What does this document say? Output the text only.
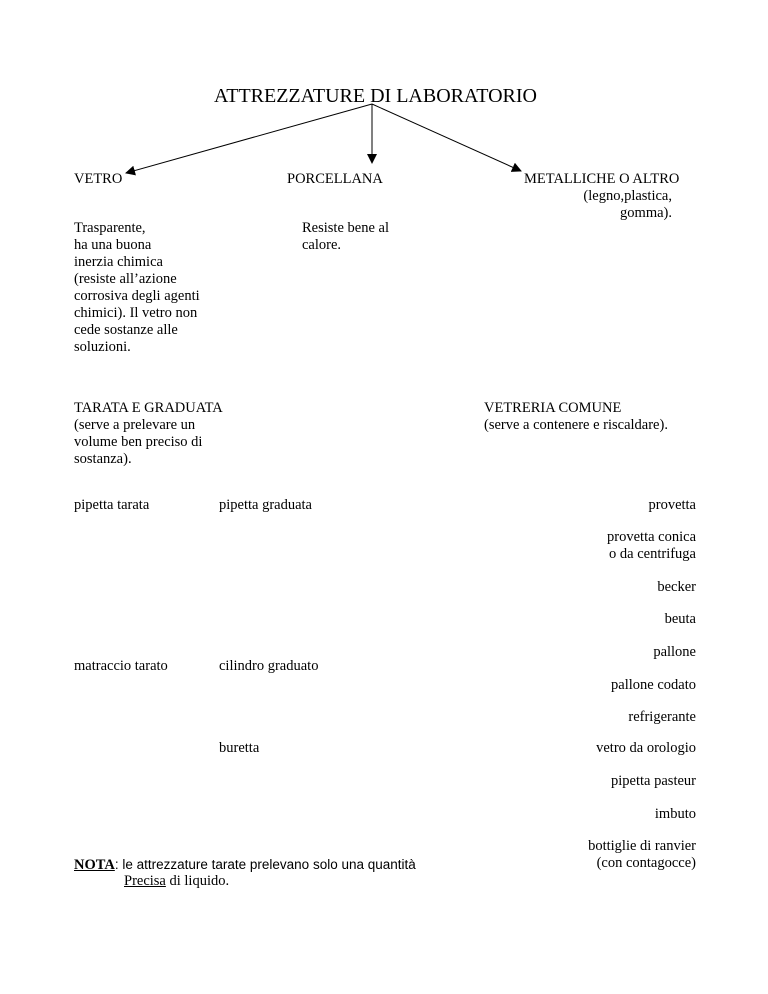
ATTREZZATURE DI LABORATORIO
VETRO	PORCELLANA	METALLICHE O ALTRO
(legno,plastica,
gomma).
Trasparente,
ha una buona
inerzia chimica
(resiste all’azione
corrosiva degli agenti
chimici). Il vetro non
cede sostanze alle
soluzioni.
Resiste bene al
calore.
TARATA E GRADUATA
(serve a prelevare un
volume ben preciso di
sostanza).
VETRERIA COMUNE
(serve a contenere e riscaldare).
pipetta tarata
matraccio tarato
pipetta graduata
cilindro graduato
buretta
provetta
provetta conica
o da centrifuga
becker
beuta
pallone
pallone codato
refrigerante
vetro da orologio
pipetta pasteur
imbuto
bottiglie di ranvier
(con contagocce)
NOTA: le attrezzature tarate prelevano solo una quantità
Precisa di liquido.
